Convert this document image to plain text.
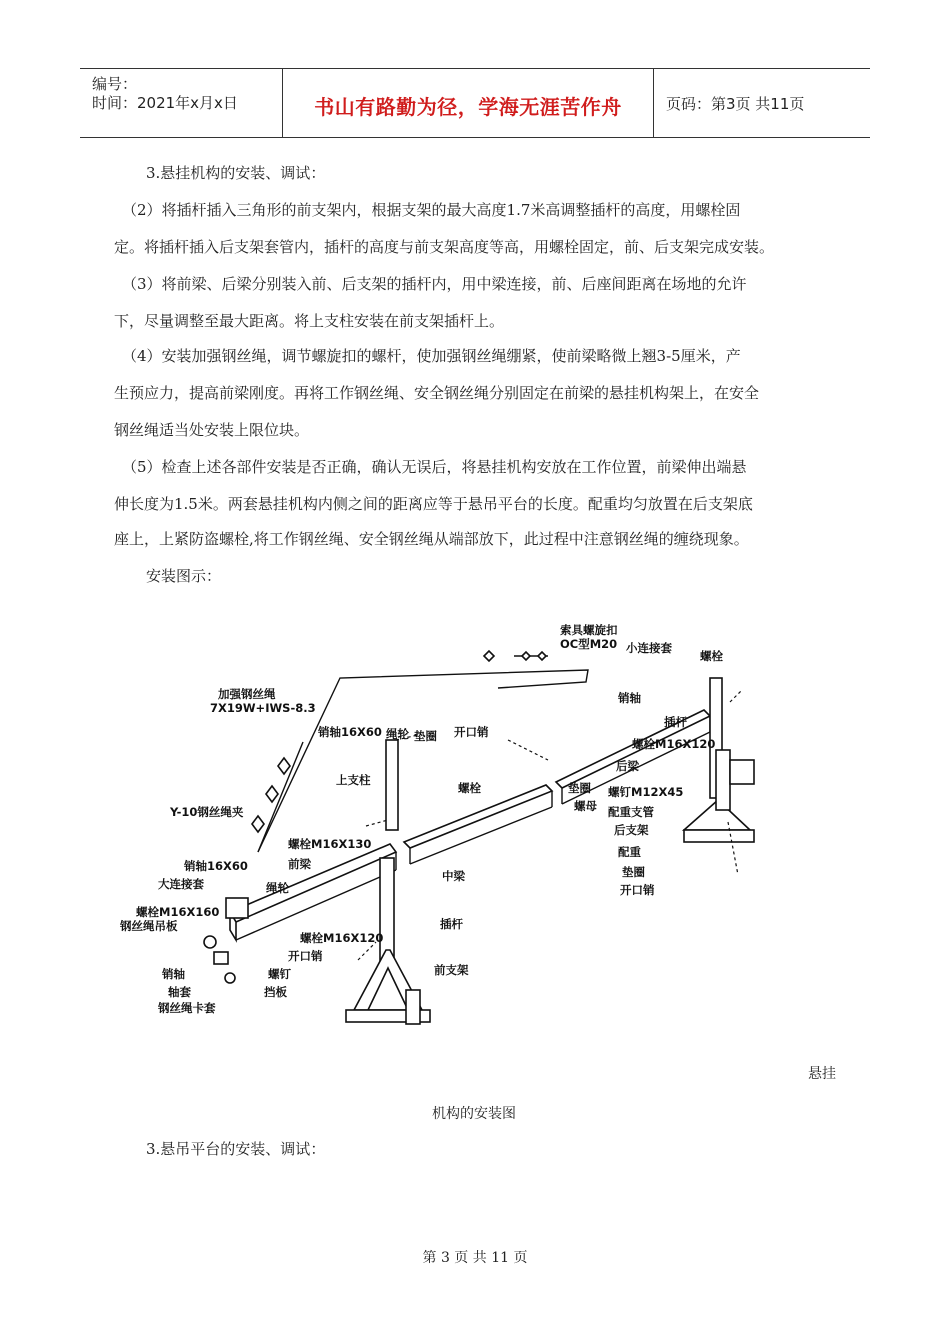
编号：
时间：2021年x月x日	书山有路勤为径，学海无涯苦作舟	页码：第3页 共11页
3.悬挂机构的安装、调试：
（2）将插杆插入三角形的前支架内，根据支架的最大高度1.7米高调整插杆的高度，用螺栓固
定。将插杆插入后支架套管内，插杆的高度与前支架高度等高，用螺栓固定，前、后支架完成安装。
（3）将前梁、后梁分别装入前、后支架的插杆内，用中梁连接，前、后座间距离在场地的允许
下，尽量调整至最大距离。将上支柱安装在前支架插杆上。
（4）安装加强钢丝绳，调节螺旋扣的螺杆，使加强钢丝绳绷紧，使前梁略微上翘3-5厘米，产
生预应力，提高前梁刚度。再将工作钢丝绳、安全钢丝绳分别固定在前梁的悬挂机构架上，在安全
钢丝绳适当处安装上限位块。
（5）检查上述各部件安装是否正确，确认无误后，将悬挂机构安放在工作位置，前梁伸出端悬
伸长度为1.5米。两套悬挂机构内侧之间的距离应等于悬吊平台的长度。配重均匀放置在后支架底
座上，上紧防盗螺栓,将工作钢丝绳、安全钢丝绳从端部放下，此过程中注意钢丝绳的缠绕现象。
安装图示：
索具螺旋扣
OC型M20 小连接套
螺栓
加强钢丝绳
7X19W+IWS-8.3
销轴
销轴16X60 绳轮 垫圈 开口销
插杆
螺栓M16X120
后梁
上支柱
螺栓	垫圈
螺母
螺钉M12X45
配重支管
后支架
Y-10钢丝绳夹
螺栓M16X130
前梁
配重
垫圈
中梁
开口销
销轴16X60
大连接套	绳轮
螺栓M16X160
钢丝绳吊板	插杆
螺栓M16X120
开口销
前支架
销轴	螺钉
轴套	挡板
钢丝绳卡套
悬挂
机构的安装图
3.悬吊平台的安装、调试：
第 3 页 共 11 页
